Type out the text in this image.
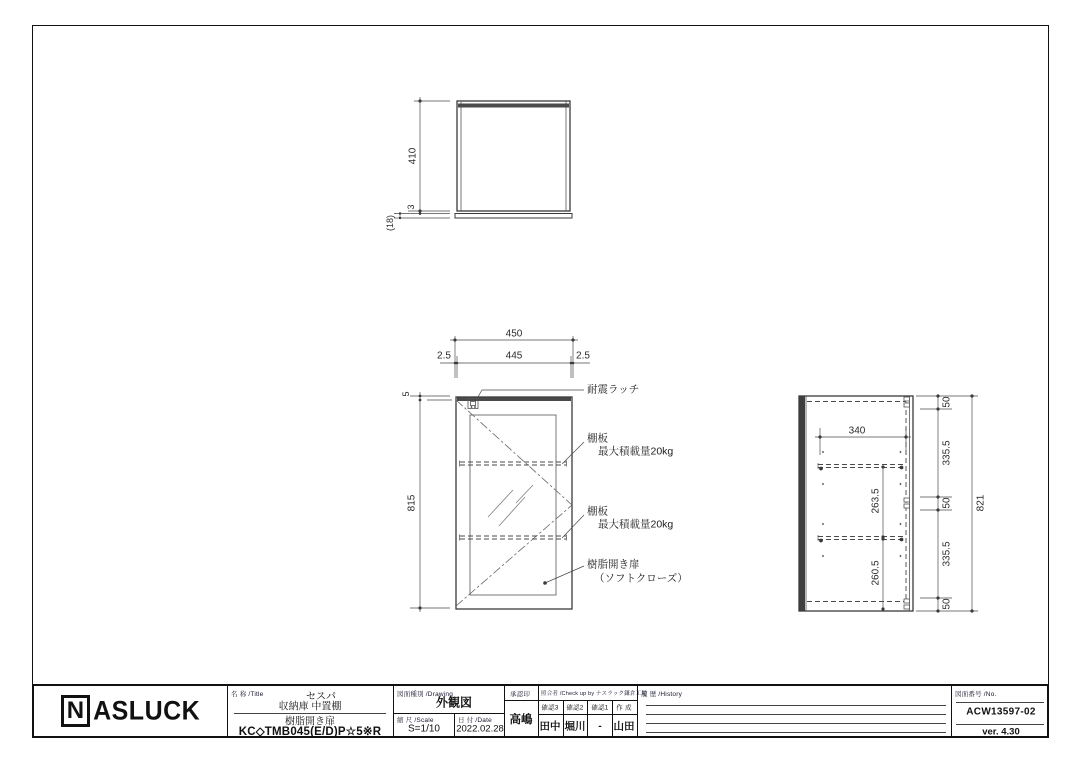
410
3
(18)
450
2.5	445	2.5
5
815
耐震ラッチ
棚板
最大積載量20kg
棚板
最大積載量20kg
樹脂開き扉
（ソフトクローズ）
340
263.5
260.5
50
335.5
50
335.5
50
821
N ASLUCK
名 称 /Title	セスパ
収納庫 中置棚
樹脂開き扉
KC◇TMB045(E/D)P☆5※R
図面種別 /Drawing
外観図
縮 尺 /Scale
S=1/10
日 付 /Date
2022.02.28
承認印
高嶋
照合者 /Check up by ナスラック鎌倉工場
確認3 確認2 確認1 作 成
田中 堀川 - 山田
履 歴 /History	図面番号 /No.
ACW13597-02
ver. 4.30
